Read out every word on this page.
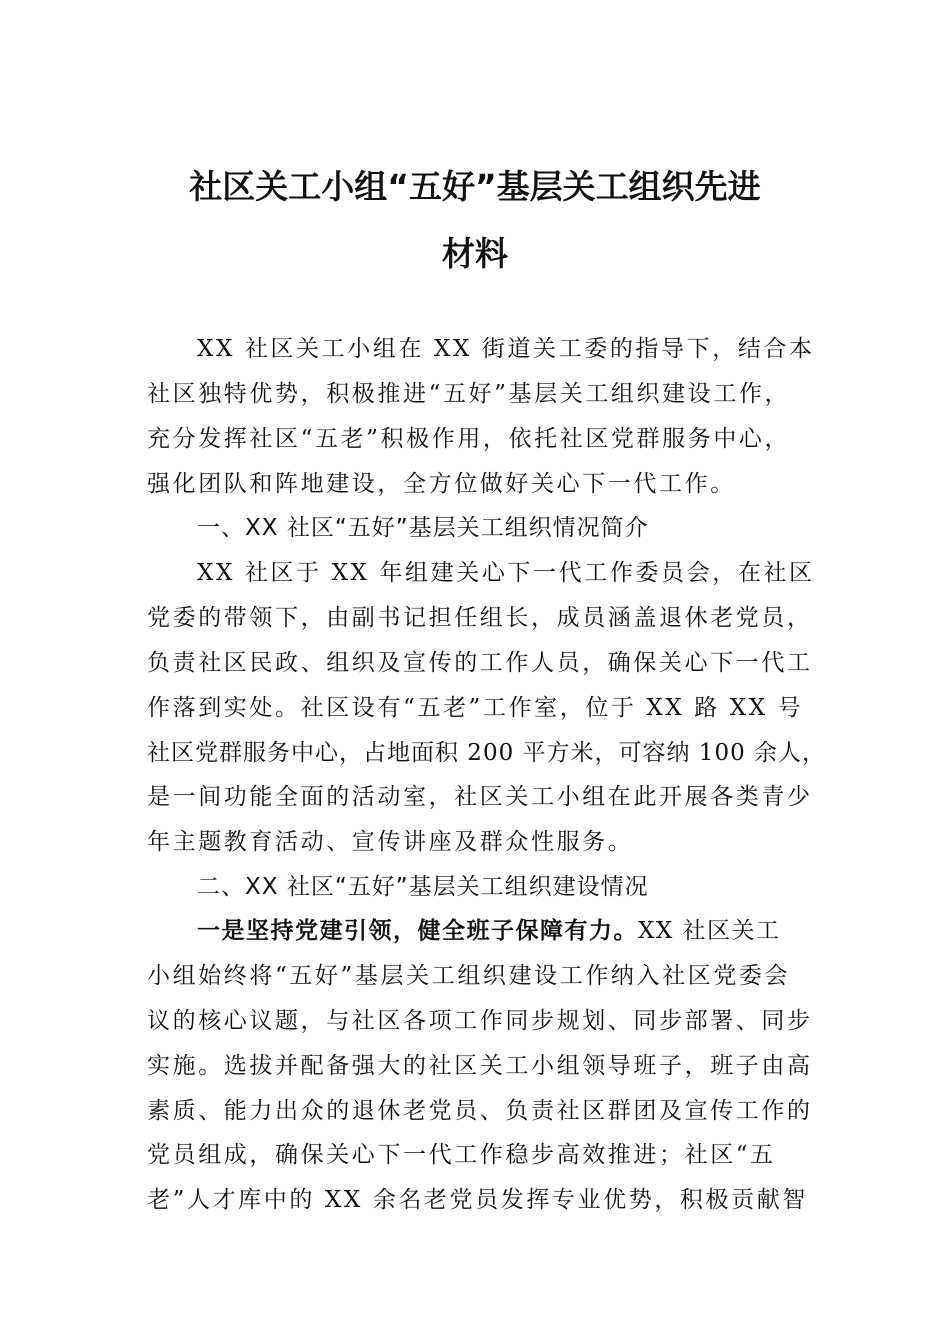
社区关工小组“五好”基层关工组织先进
材料

XX 社区关工小组在 XX 街道关工委的指导下，结合本

社区独特优势，积极推进“五好”基层关工组织建设工作，

充分发挥社区“五老”积极作用，依托社区党群服务中心，

强化团队和阵地建设，全方位做好关心下一代工作。

一、XX 社区“五好”基层关工组织情况简介

XX 社区于 XX 年组建关心下一代工作委员会，在社区

党委的带领下，由副书记担任组长，成员涵盖退休老党员，

负责社区民政、组织及宣传的工作人员，确保关心下一代工

作落到实处。社区设有“五老”工作室，位于 XX 路 XX 号

社区党群服务中心，占地面积 200 平方米，可容纳 100 余人，

是一间功能全面的活动室，社区关工小组在此开展各类青少

年主题教育活动、宣传讲座及群众性服务。

二、XX 社区“五好”基层关工组织建设情况

一是坚持党建引领，健全班子保障有力。XX 社区关工

小组始终将“五好”基层关工组织建设工作纳入社区党委会

议的核心议题，与社区各项工作同步规划、同步部署、同步

实施。选拔并配备强大的社区关工小组领导班子，班子由高

素质、能力出众的退休老党员、负责社区群团及宣传工作的

党员组成，确保关心下一代工作稳步高效推进；社区“五

老”人才库中的 XX 余名老党员发挥专业优势，积极贡献智
